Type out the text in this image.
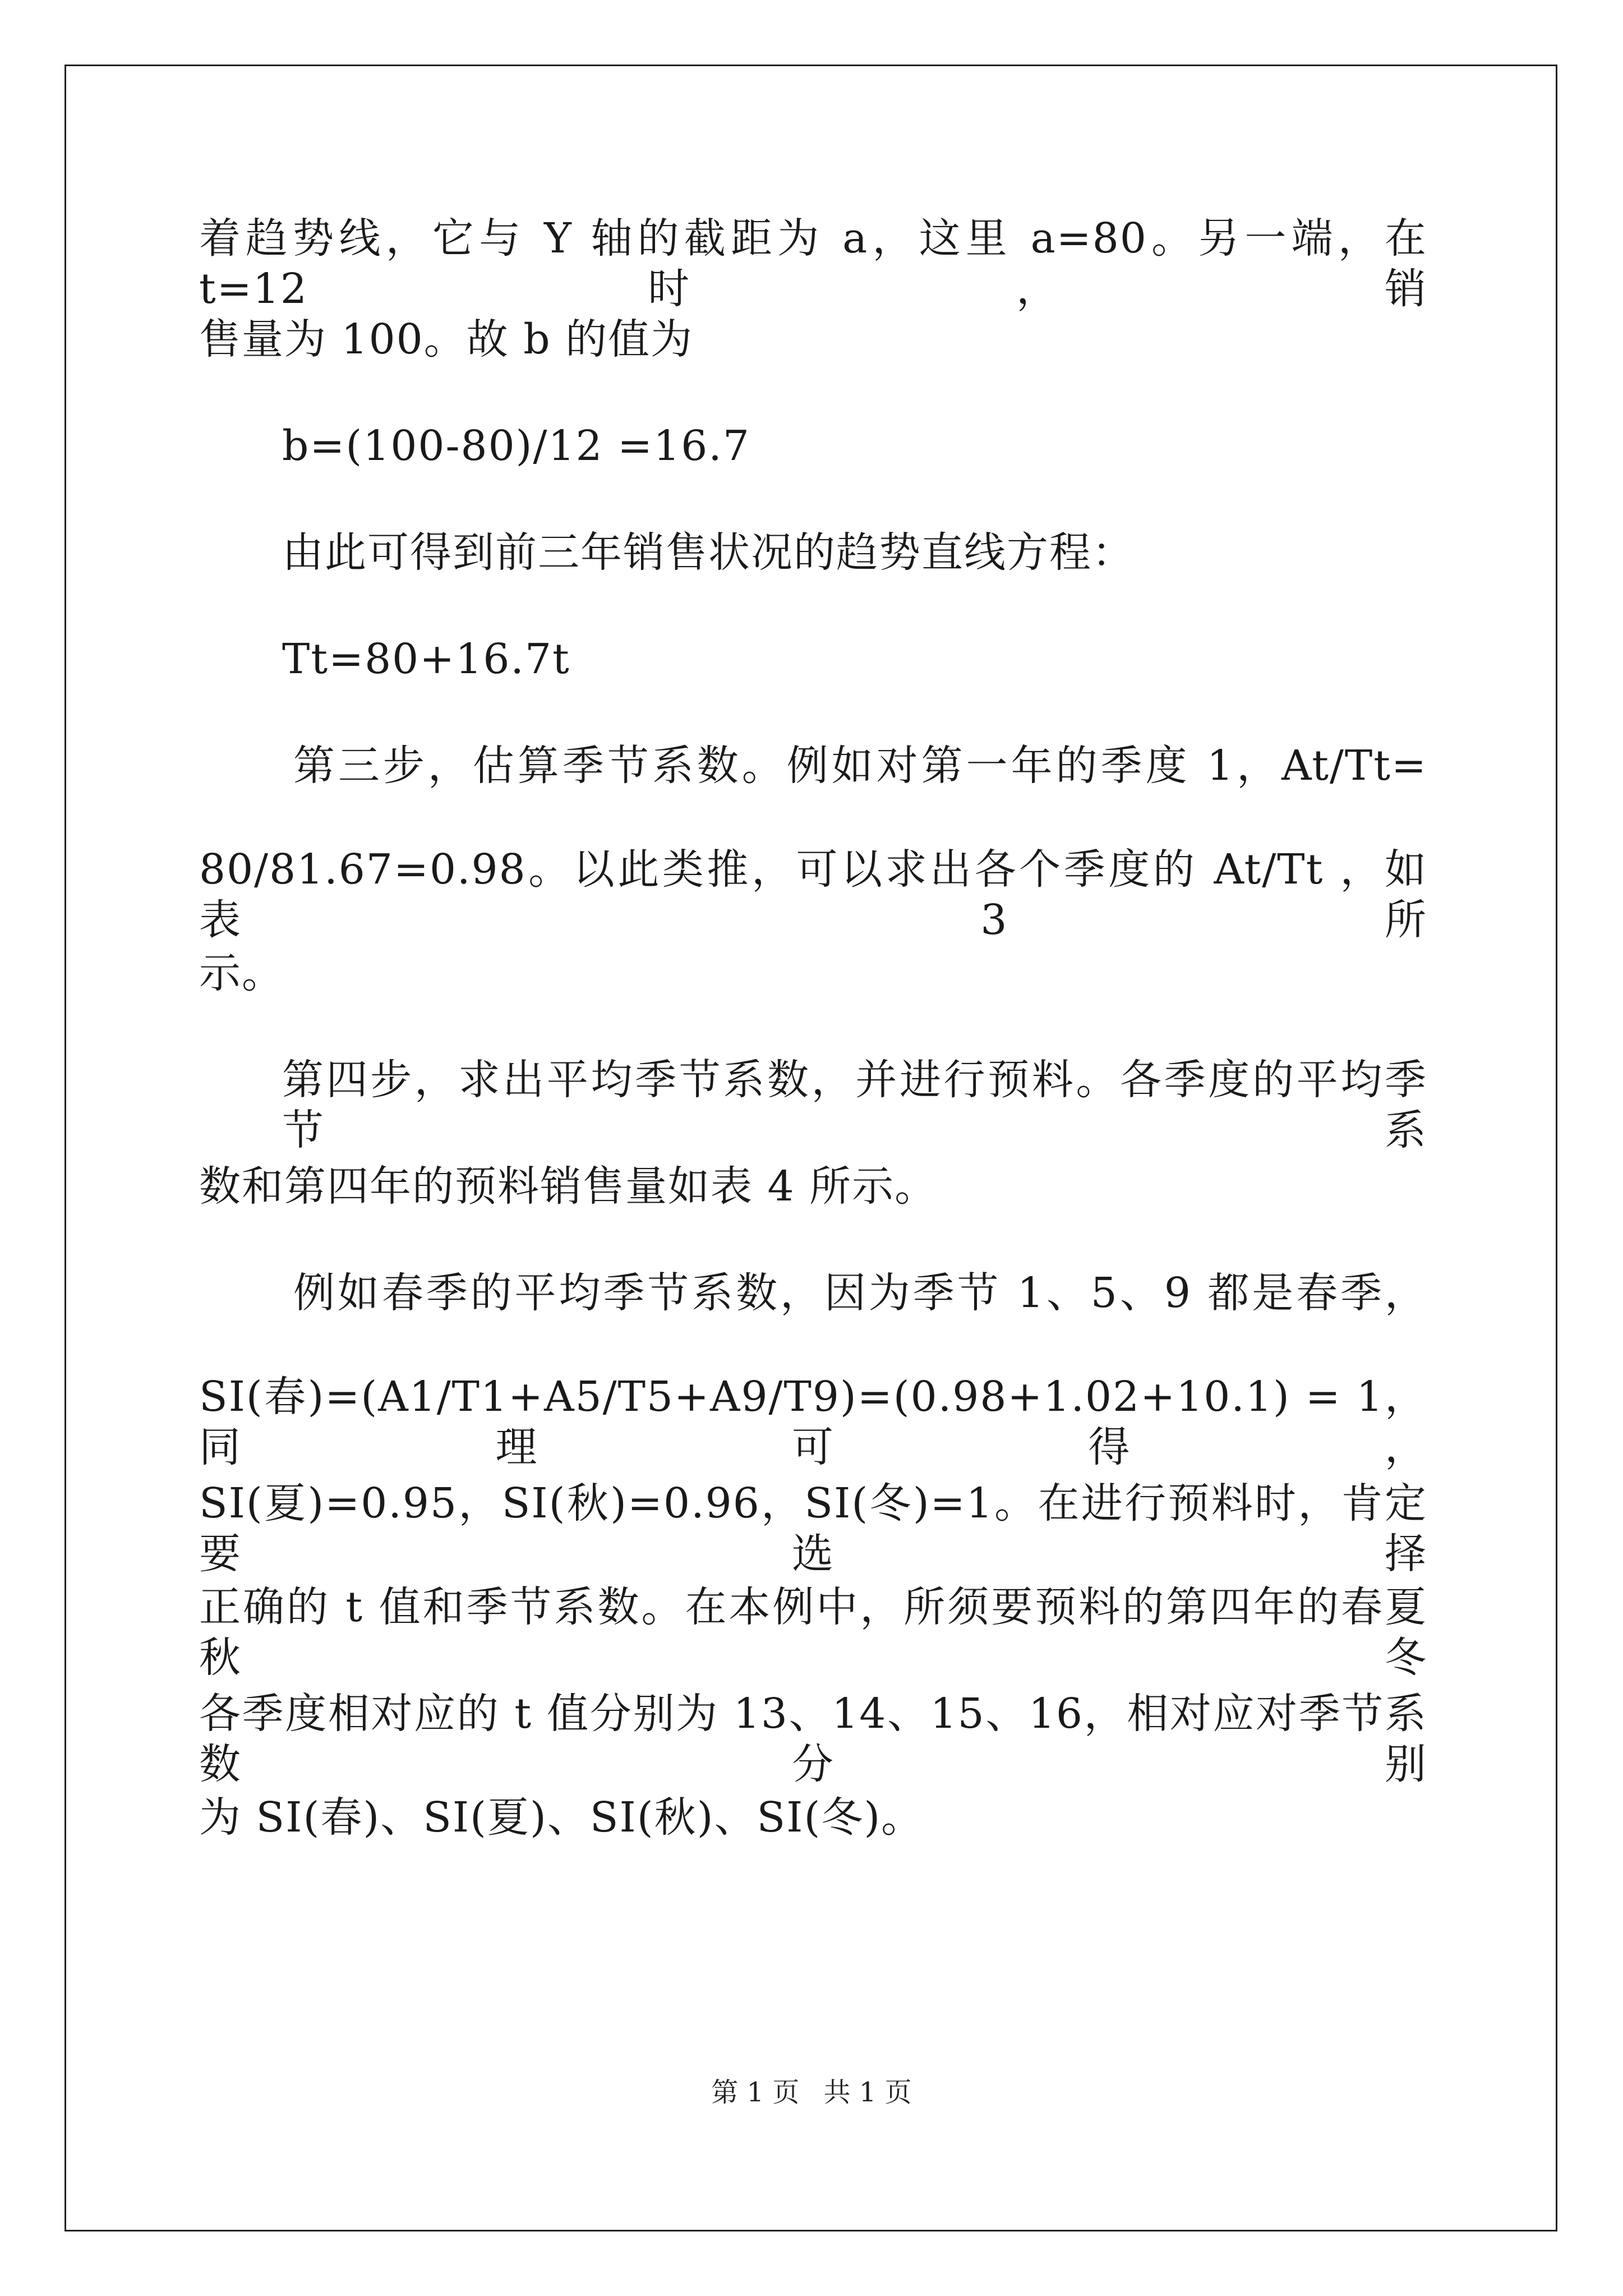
着趋势线，它与 Y 轴的截距为 a，这里 a=80。另一端，在 t=12 时，销
售量为 100。故 b 的值为
b=(100-80)/12 =16.7
由此可得到前三年销售状况的趋势直线方程：
Tt=80+16.7t
第三步，估算季节系数。例如对第一年的季度 1，At/Tt=
80/81.67=0.98。以此类推，可以求出各个季度的 At/Tt ，如表 3 所
示。
第四步，求出平均季节系数，并进行预料。各季度的平均季节系
数和第四年的预料销售量如表 4 所示。
例如春季的平均季节系数，因为季节 1、5、9 都是春季，
SI(春)=(A1/T1+A5/T5+A9/T9)=(0.98+1.02+10.1) = 1，同理可得，
SI(夏)=0.95，SI(秋)=0.96，SI(冬)=1。在进行预料时，肯定要选择
正确的 t 值和季节系数。在本例中，所须要预料的第四年的春夏秋冬
各季度相对应的 t 值分别为 13、14、15、16，相对应对季节系数分别
为 SI(春)、SI(夏)、SI(秋)、SI(冬)。
第 1 页 共 1 页
